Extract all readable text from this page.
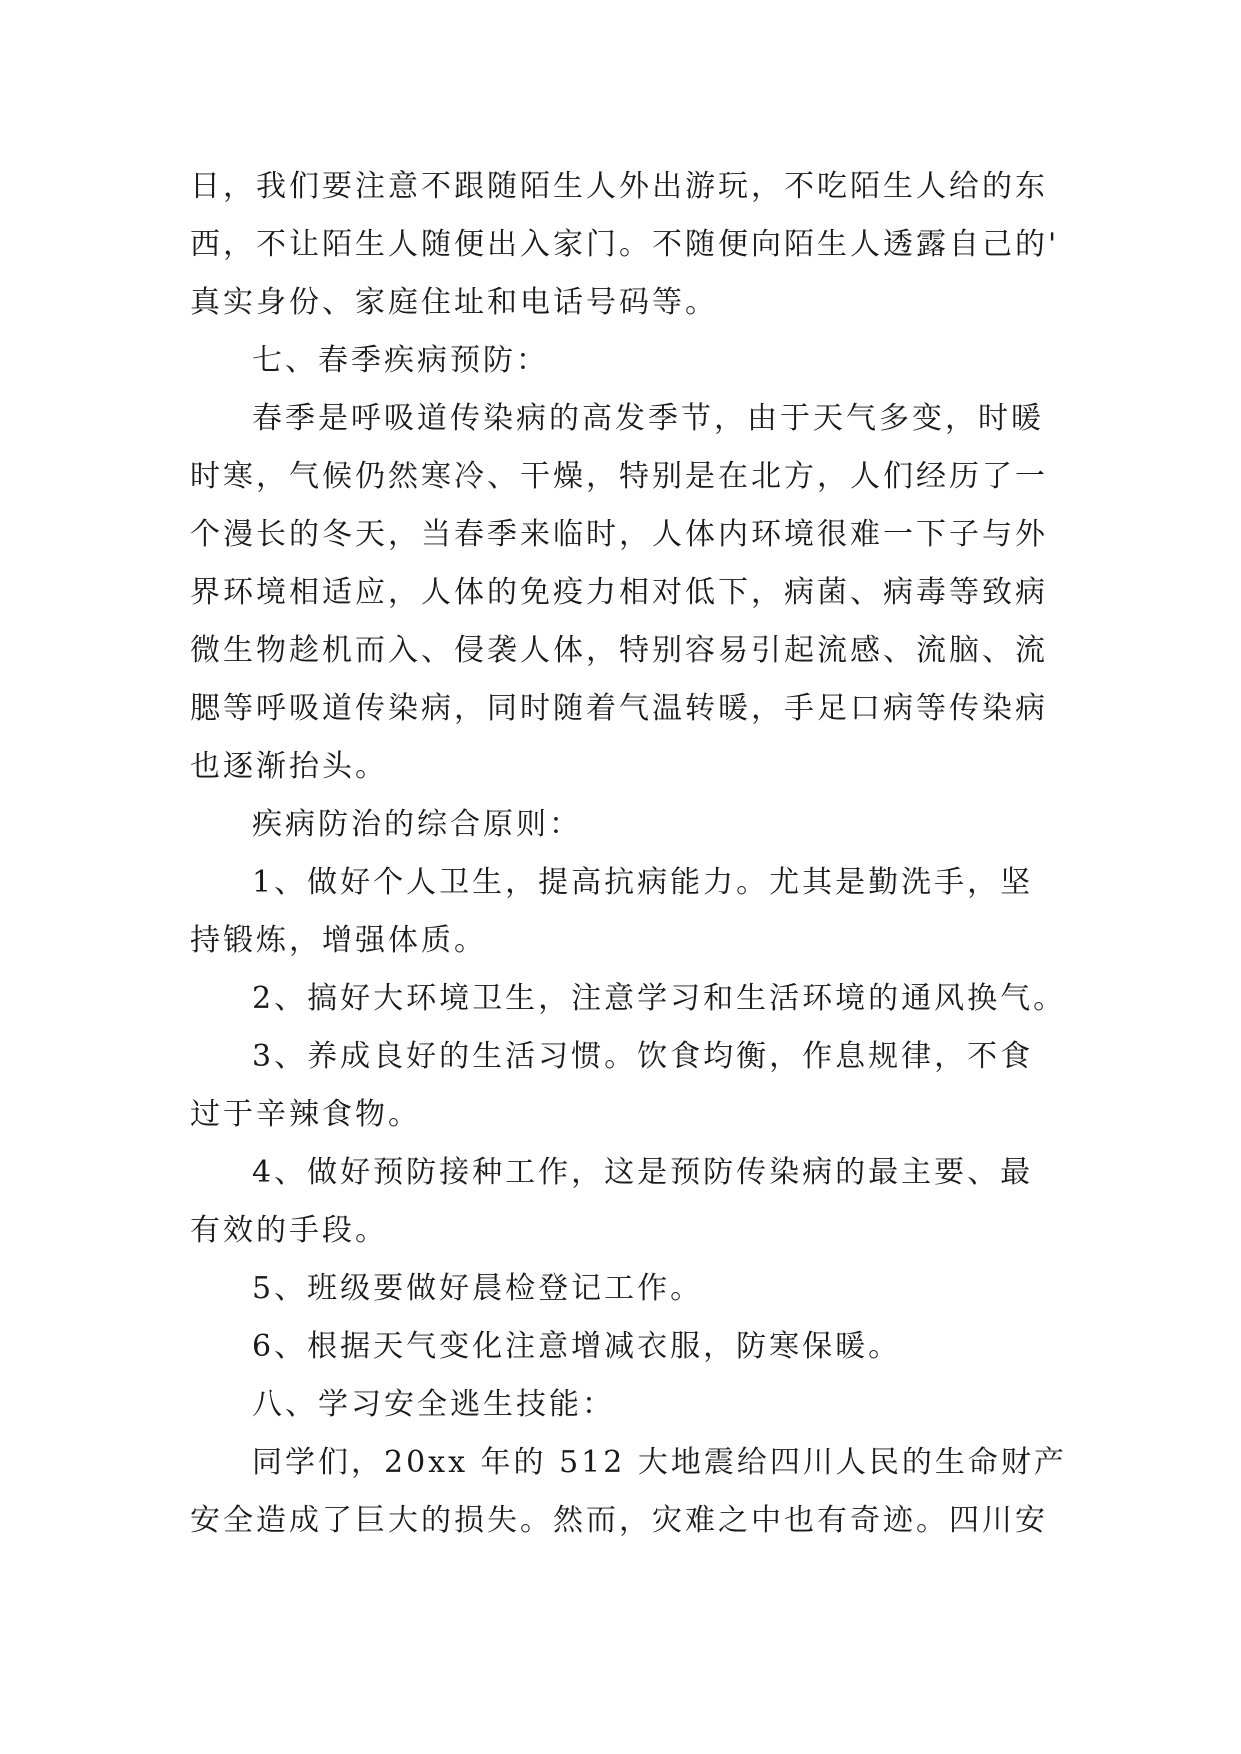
日，我们要注意不跟随陌生人外出游玩，不吃陌生人给的东
西，不让陌生人随便出入家门。不随便向陌生人透露自己的'
真实身份、家庭住址和电话号码等。
七、春季疾病预防：
春季是呼吸道传染病的高发季节，由于天气多变，时暖
时寒，气候仍然寒冷、干燥，特别是在北方，人们经历了一
个漫长的冬天，当春季来临时，人体内环境很难一下子与外
界环境相适应，人体的免疫力相对低下，病菌、病毒等致病
微生物趁机而入、侵袭人体，特别容易引起流感、流脑、流
腮等呼吸道传染病，同时随着气温转暖，手足口病等传染病
也逐渐抬头。
疾病防治的综合原则：
1、做好个人卫生，提高抗病能力。尤其是勤洗手，坚
持锻炼，增强体质。
2、搞好大环境卫生，注意学习和生活环境的通风换气。
3、养成良好的生活习惯。饮食均衡，作息规律，不食
过于辛辣食物。
4、做好预防接种工作，这是预防传染病的最主要、最
有效的手段。
5、班级要做好晨检登记工作。
6、根据天气变化注意增减衣服，防寒保暖。
八、学习安全逃生技能：
同学们，20xx 年的 512 大地震给四川人民的生命财产
安全造成了巨大的损失。然而，灾难之中也有奇迹。四川安
